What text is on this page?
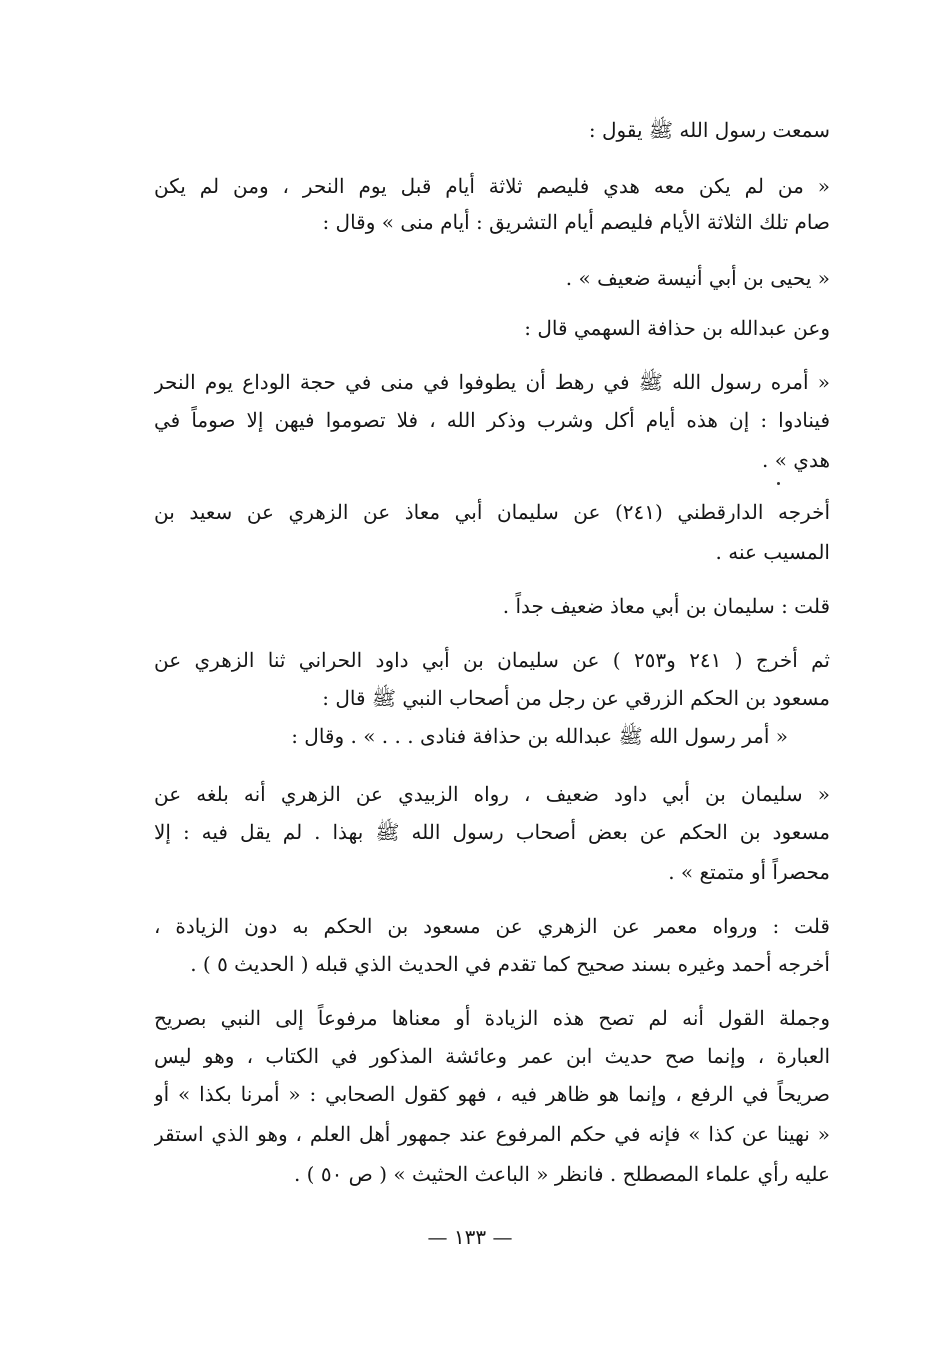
سمعت رسول الله ﷺ يقول :
« من لم يكن معه هدي فليصم ثلاثة أيام قبل يوم النحر ، ومن لم يكن
صام تلك الثلاثة الأيام فليصم أيام التشريق : أيام منى » وقال :
« يحيى بن أبي أنيسة ضعيف » .
وعن عبدالله بن حذافة السهمي قال :
« أمره رسول الله ﷺ في رهط أن يطوفوا في منى في حجة الوداع يوم النحر
فينادوا : إن هذه أيام أكل وشرب وذكر الله ، فلا تصوموا فيهن إلا صوماً في
هدي » .
أخرجه الدارقطني (٢٤١) عن سليمان أبي معاذ عن الزهري عن سعيد بن
المسيب عنه .
قلت : سليمان بن أبي معاذ ضعيف جداً .
ثم أخرج ( ٢٤١ و٢٥٣ ) عن سليمان بن أبي داود الحراني ثنا الزهري عن
مسعود بن الحكم الزرقي عن رجل من أصحاب النبي ﷺ قال :
« أمر رسول الله ﷺ عبدالله بن حذافة فنادى . . . » . وقال :
« سليمان بن أبي داود ضعيف ، رواه الزبيدي عن الزهري أنه بلغه عن
مسعود بن الحكم عن بعض أصحاب رسول الله ﷺ بهذا . لم يقل فيه : إلا
محصراً أو متمتع » .
قلت : ورواه معمر عن الزهري عن مسعود بن الحكم به دون الزيادة ،
أخرجه أحمد وغيره بسند صحيح كما تقدم في الحديث الذي قبله ( الحديث ٥ ) .
وجملة القول أنه لم تصح هذه الزيادة أو معناها مرفوعاً إلى النبي بصريح
العبارة ، وإنما صح حديث ابن عمر وعائشة المذكور في الكتاب ، وهو ليس
صريحاً في الرفع ، وإنما هو ظاهر فيه ، فهو كقول الصحابي : « أمرنا بكذا » أو
« نهينا عن كذا » فإنه في حكم المرفوع عند جمهور أهل العلم ، وهو الذي استقر
عليه رأي علماء المصطلح . فانظر « الباعث الحثيث » ( ص ٥٠ ) .
— ١٣٣ —
